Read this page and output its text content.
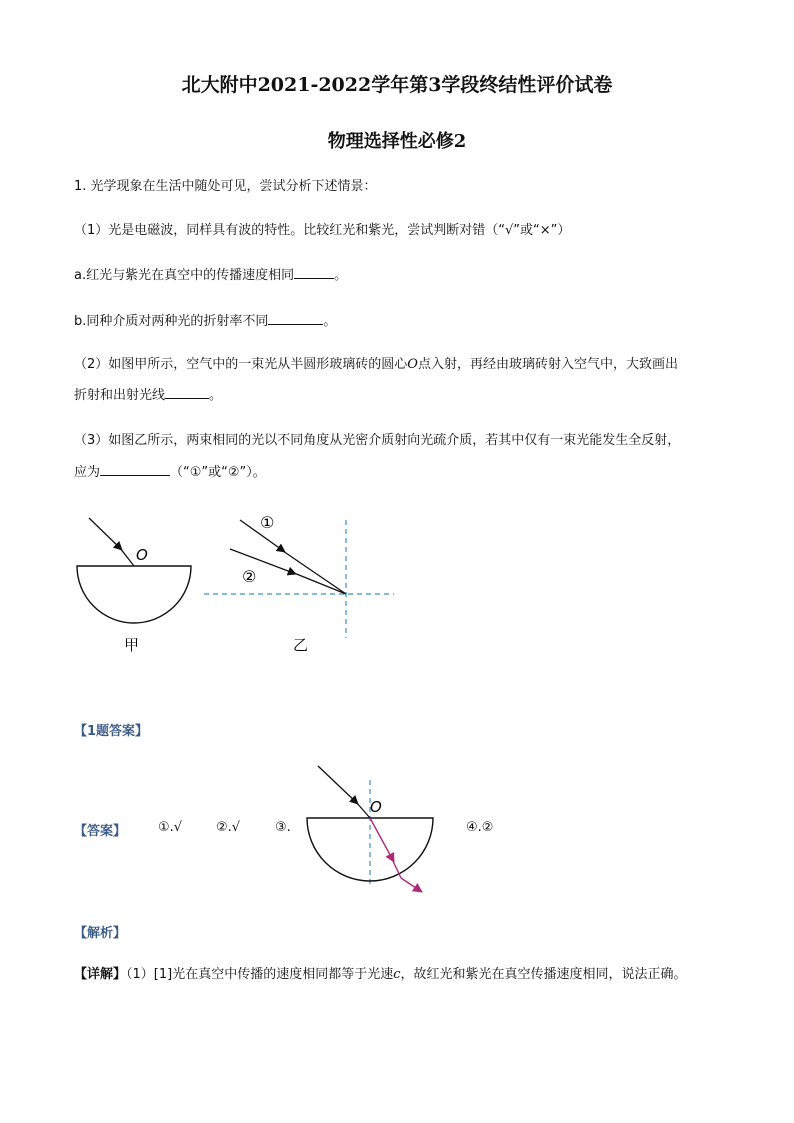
北大附中2021-2022学年第3学段终结性评价试卷
物理选择性必修2
1. 光学现象在生活中随处可见，尝试分析下述情景：
（1）光是电磁波，同样具有波的特性。比较红光和紫光，尝试判断对错（“√”或“×”）
a.红光与紫光在真空中的传播速度相同	。
b.同种介质对两种光的折射率不同	。
（2）如图甲所示，空气中的一束光从半圆形玻璃砖的圆心O点入射，再经由玻璃砖射入空气中，大致画出
折射和出射光线	。
（3）如图乙所示，两束相同的光以不同角度从光密介质射向光疏介质，若其中仅有一束光能发生全反射，
应为	（“①”或“②”）。
O
甲
①
②
乙
【1题答案】
【答案】 ①.√	②.√	③.	④.②
O
【解析】
【详解】（1）[1]光在真空中传播的速度相同都等于光速c，故红光和紫光在真空传播速度相同，说法正确。
